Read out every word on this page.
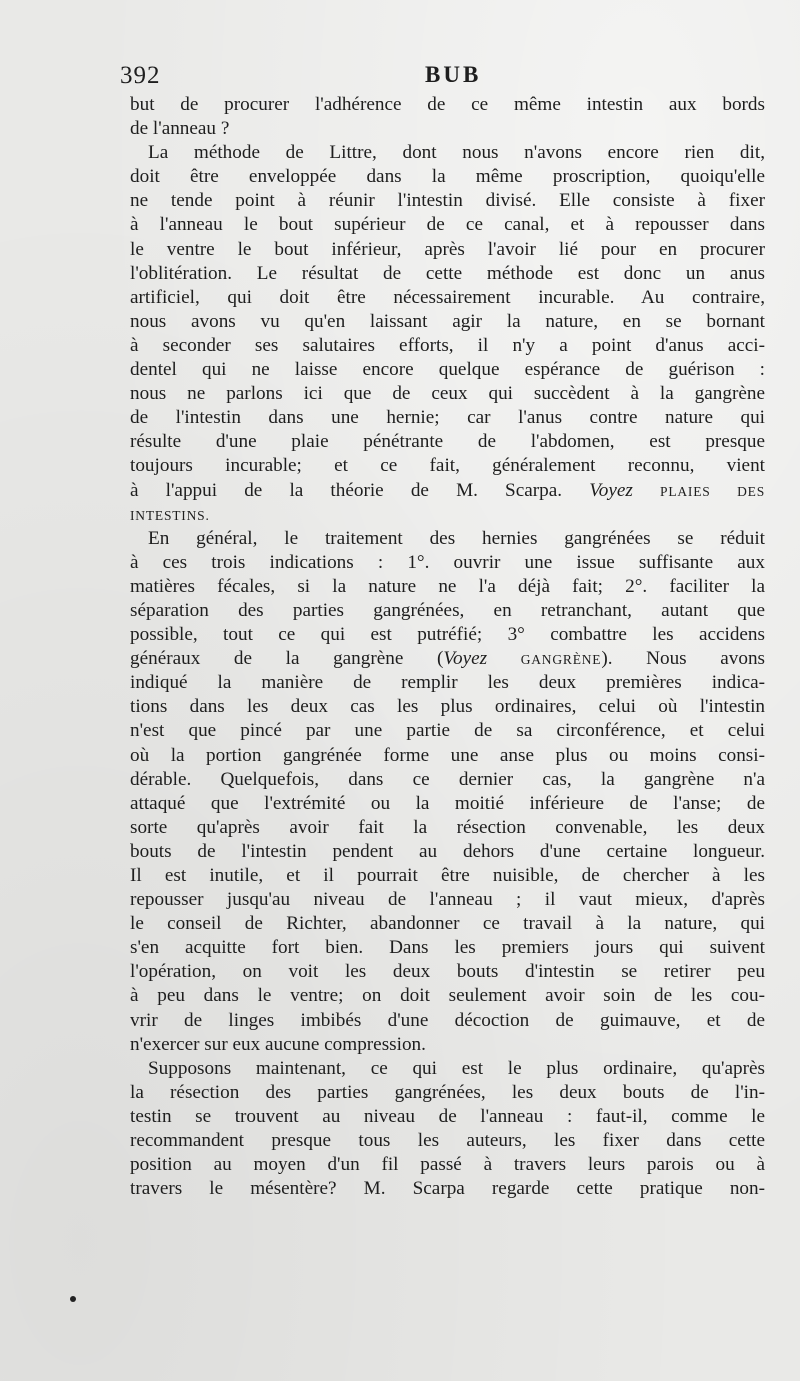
392	BUB
but de procurer l'adhérence de ce même intestin aux bords
de l'anneau ?
La méthode de Littre, dont nous n'avons encore rien dit,
doit être enveloppée dans la même proscription, quoiqu'elle
ne tende point à réunir l'intestin divisé. Elle consiste à fixer
à l'anneau le bout supérieur de ce canal, et à repousser dans
le ventre le bout inférieur, après l'avoir lié pour en procurer
l'oblitération. Le résultat de cette méthode est donc un anus
artificiel, qui doit être nécessairement incurable. Au contraire,
nous avons vu qu'en laissant agir la nature, en se bornant
à seconder ses salutaires efforts, il n'y a point d'anus acci-
dentel qui ne laisse encore quelque espérance de guérison :
nous ne parlons ici que de ceux qui succèdent à la gangrène
de l'intestin dans une hernie; car l'anus contre nature qui
résulte d'une plaie pénétrante de l'abdomen, est presque
toujours incurable; et ce fait, généralement reconnu, vient
à l'appui de la théorie de M. Scarpa. Voyez PLAIES DES
INTESTINS.
En général, le traitement des hernies gangrénées se réduit
à ces trois indications : 1°. ouvrir une issue suffisante aux
matières fécales, si la nature ne l'a déjà fait; 2°. faciliter la
séparation des parties gangrénées, en retranchant, autant que
possible, tout ce qui est putréfié; 3° combattre les accidens
généraux de la gangrène (Voyez GANGRÈNE). Nous avons
indiqué la manière de remplir les deux premières indica-
tions dans les deux cas les plus ordinaires, celui où l'intestin
n'est que pincé par une partie de sa circonférence, et celui
où la portion gangrénée forme une anse plus ou moins consi-
dérable. Quelquefois, dans ce dernier cas, la gangrène n'a
attaqué que l'extrémité ou la moitié inférieure de l'anse; de
sorte qu'après avoir fait la résection convenable, les deux
bouts de l'intestin pendent au dehors d'une certaine longueur.
Il est inutile, et il pourrait être nuisible, de chercher à les
repousser jusqu'au niveau de l'anneau ; il vaut mieux, d'après
le conseil de Richter, abandonner ce travail à la nature, qui
s'en acquitte fort bien. Dans les premiers jours qui suivent
l'opération, on voit les deux bouts d'intestin se retirer peu
à peu dans le ventre; on doit seulement avoir soin de les cou-
vrir de linges imbibés d'une décoction de guimauve, et de
n'exercer sur eux aucune compression.
Supposons maintenant, ce qui est le plus ordinaire, qu'après
la résection des parties gangrénées, les deux bouts de l'in-
testin se trouvent au niveau de l'anneau : faut-il, comme le
recommandent presque tous les auteurs, les fixer dans cette
position au moyen d'un fil passé à travers leurs parois ou à
travers le mésentère? M. Scarpa regarde cette pratique non-
